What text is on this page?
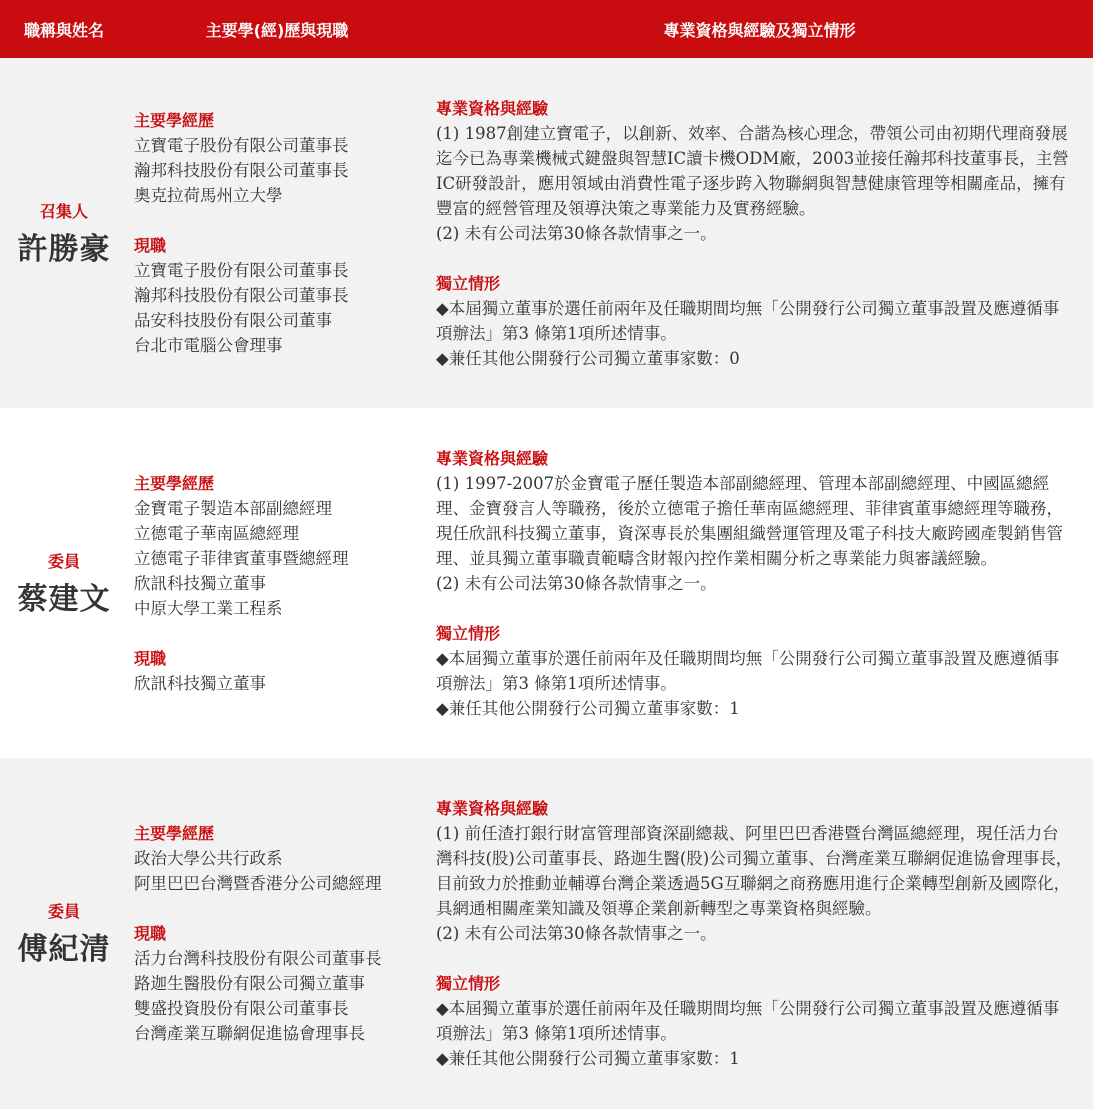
職稱與姓名	主要學(經)歷與現職	專業資格與經驗及獨立情形
召集人
許勝豪
主要學經歷
立寶電子股份有限公司董事長
瀚邦科技股份有限公司董事長
奧克拉荷馬州立大學
現職
立寶電子股份有限公司董事長
瀚邦科技股份有限公司董事長
品安科技股份有限公司董事
台北市電腦公會理事
專業資格與經驗
(1) 1987創建立寶電子，以創新、效率、合諧為核心理念，帶領公司由初期代理商發展迄今已為專業機械式鍵盤與智慧IC讀卡機ODM廠，2003並接任瀚邦科技董事長，主營IC研發設計，應用領域由消費性電子逐步跨入物聯網與智慧健康管理等相關產品，擁有豐富的經營管理及領導決策之專業能力及實務經驗。
(2) 未有公司法第30條各款情事之一。
獨立情形
◆本屆獨立董事於選任前兩年及任職期間均無「公開發行公司獨立董事設置及應遵循事項辦法」第3 條第1項所述情事。
◆兼任其他公開發行公司獨立董事家數：0
委員
蔡建文
主要學經歷
金寶電子製造本部副總經理
立德電子華南區總經理
立德電子菲律賓董事暨總經理
欣訊科技獨立董事
中原大學工業工程系
現職
欣訊科技獨立董事
專業資格與經驗
(1) 1997-2007於金寶電子歷任製造本部副總經理、管理本部副總經理、中國區總經理、金寶發言人等職務，後於立德電子擔任華南區總經理、菲律賓董事總經理等職務，現任欣訊科技獨立董事，資深專長於集團組織營運管理及電子科技大廠跨國產製銷售管理、並具獨立董事職責範疇含財報內控作業相關分析之專業能力與審議經驗。
(2) 未有公司法第30條各款情事之一。
獨立情形
◆本屆獨立董事於選任前兩年及任職期間均無「公開發行公司獨立董事設置及應遵循事項辦法」第3 條第1項所述情事。
◆兼任其他公開發行公司獨立董事家數：1
委員
傅紀清
主要學經歷
政治大學公共行政系
阿里巴巴台灣暨香港分公司總經理
現職
活力台灣科技股份有限公司董事長
路迦生醫股份有限公司獨立董事
雙盛投資股份有限公司董事長
台灣產業互聯網促進協會理事長
專業資格與經驗
(1) 前任渣打銀行財富管理部資深副總裁、阿里巴巴香港暨台灣區總經理，現任活力台灣科技(股)公司董事長、路迦生醫(股)公司獨立董事、台灣產業互聯網促進協會理事長，目前致力於推動並輔導台灣企業透過5G互聯網之商務應用進行企業轉型創新及國際化，具網通相關產業知識及領導企業創新轉型之專業資格與經驗。
(2) 未有公司法第30條各款情事之一。
獨立情形
◆本屆獨立董事於選任前兩年及任職期間均無「公開發行公司獨立董事設置及應遵循事項辦法」第3 條第1項所述情事。
◆兼任其他公開發行公司獨立董事家數：1
